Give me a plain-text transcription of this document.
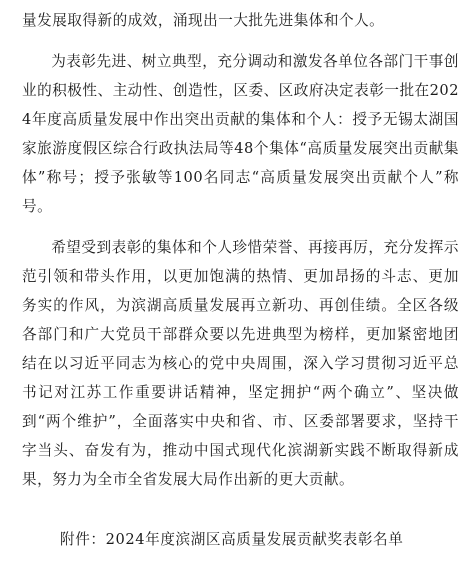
量发展取得新的成效，涌现出一大批先进集体和个人。

为表彰先进、树立典型，充分调动和激发各单位各部门干事创业的积极性、主动性、创造性，区委、区政府决定表彰一批在2024年度高质量发展中作出突出贡献的集体和个人：授予无锡太湖国家旅游度假区综合行政执法局等48个集体“高质量发展突出贡献集体”称号；授予张敏等100名同志“高质量发展突出贡献个人”称号。

希望受到表彰的集体和个人珍惜荣誉、再接再厉，充分发挥示范引领和带头作用，以更加饱满的热情、更加昂扬的斗志、更加务实的作风，为滨湖高质量发展再立新功、再创佳绩。全区各级各部门和广大党员干部群众要以先进典型为榜样，更加紧密地团结在以习近平同志为核心的党中央周围，深入学习贯彻习近平总书记对江苏工作重要讲话精神，坚定拥护“两个确立”、坚决做到“两个维护”，全面落实中央和省、市、区委部署要求，坚持干字当头、奋发有为，推动中国式现代化滨湖新实践不断取得新成果，努力为全市全省发展大局作出新的更大贡献。

附件：2024年度滨湖区高质量发展贡献奖表彰名单
